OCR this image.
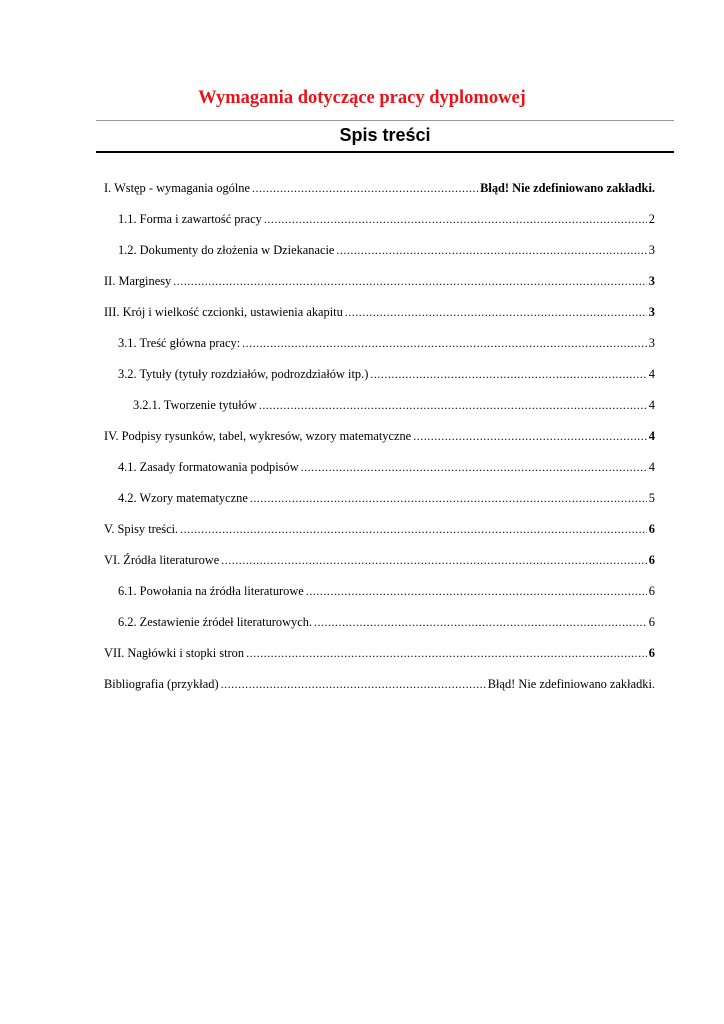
Wymagania dotyczące pracy dyplomowej
Spis treści
I. Wstęp - wymagania ogólne .....	Błąd! Nie zdefiniowano zakładki.
1.1. Forma i zawartość pracy .....	2
1.2. Dokumenty do złożenia w Dziekanacie .....	3
II. Marginesy .....	3
III. Krój i wielkość czcionki, ustawienia akapitu .....	3
3.1. Treść główna pracy: .....	3
3.2. Tytuły (tytuły rozdziałów, podrozdziałów itp.) .....	4
3.2.1. Tworzenie tytułów .....	4
IV. Podpisy rysunków, tabel, wykresów, wzory matematyczne .....	4
4.1. Zasady formatowania podpisów .....	4
4.2. Wzory matematyczne .....	5
V. Spisy treści. .....	6
VI. Źródła literaturowe .....	6
6.1. Powołania na źródła literaturowe .....	6
6.2. Zestawienie źródeł literaturowych. .....	6
VII. Nagłówki i stopki stron .....	6
Bibliografia (przykład) .....	Błąd! Nie zdefiniowano zakładki.
